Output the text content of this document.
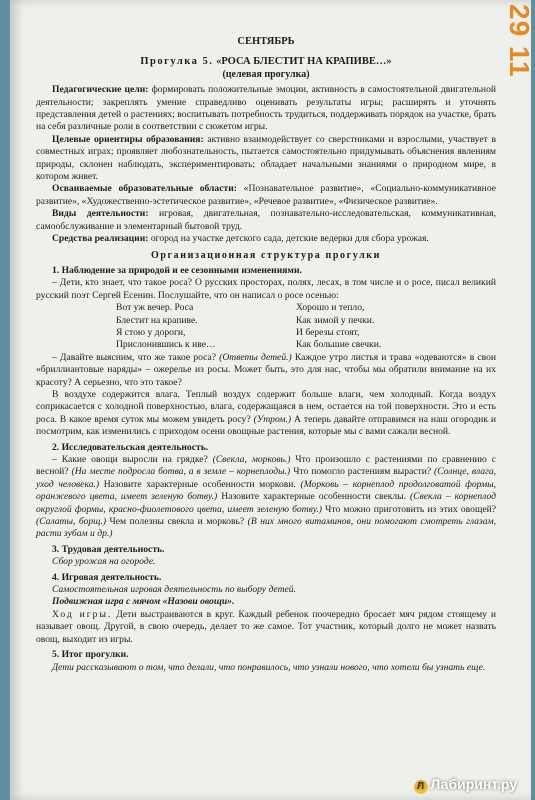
29 11
СЕНТЯБРЬ
Прогулка 5. «РОСА БЛЕСТИТ НА КРАПИВЕ…»
(целевая прогулка)

Педагогические цели: формировать положительные эмоции, активность в самостоятельной двигательной деятельности; закреплять умение справедливо оценивать результаты игры; расширять и уточнять представления детей о растениях; воспитывать потребность трудиться, поддерживать порядок на участке, брать на себя различные роли в соответствии с сюжетом игры.

Целевые ориентиры образования: активно взаимодействует со сверстниками и взрослыми, участвует в совместных играх; проявляет любознательность, пытается самостоятельно придумывать объяснения явлениям природы, склонен наблюдать, экспериментировать; обладает начальными знаниями о природном мире, в котором живет.

Осваиваемые образовательные области: «Познавательное развитие», «Социально-коммуникативное развитие», «Художественно-эстетическое развитие», «Речевое развитие», «Физическое развитие».

Виды деятельности: игровая, двигательная, познавательно-исследовательская, коммуникативная, самообслуживание и элементарный бытовой труд.

Средства реализации: огород на участке детского сада, детские ведерки для сбора урожая.

Организационная структура прогулки
1. Наблюдение за природой и ее сезонными изменениями.

– Дети, кто знает, что такое роса? О русских просторах, полях, лесах, в том числе и о росе, писал великий русский поэт Сергей Есенин. Послушайте, что он написал о росе осенью:

Вот уж вечер. Роса	Хорошо и тепло,
Блестит на крапиве.	Как зимой у печки.
Я стою у дороги,	И березы стоят,
Прислонившись к иве…	Как большие свечки.

– Давайте выясним, что же такое роса? (Ответы детей.) Каждое утро листья и трава «одеваются» в свои «бриллиантовые наряды» – ожерелье из росы. Может быть, это для нас, чтобы мы обратили внимание на их красоту? А серьезно, что это такое?

В воздухе содержится влага. Теплый воздух содержит больше влаги, чем холодный. Когда воздух соприкасается с холодной поверхностью, влага, содержащаяся в нем, остается на той поверхности. Это и есть роса. В какое время суток мы можем увидеть росу? (Утром.) А теперь давайте отправимся на наш огородик и посмотрим, как изменились с приходом осени овощные растения, которые мы с вами сажали весной.

2. Исследовательская деятельность.

– Какие овощи выросли на грядке? (Свекла, морковь.) Что произошло с растениями по сравнению с весной? (На месте подросла ботва, а в земле – корнеплоды.) Что помогло растениям вырасти? (Солнце, влага, уход человека.) Назовите характерные особенности моркови. (Морковь – корнеплод продолговатой формы, оранжевого цвета, имеет зеленую ботву.) Назовите характерные особенности свеклы. (Свекла – корнеплод округлой формы, красно-фиолетового цвета, имеет зеленую ботву.) Что можно приготовить из этих овощей? (Салаты, борщ.) Чем полезны свекла и морковь? (В них много витаминов, они помогают смотреть глазам, расти зубам и др.)

3. Трудовая деятельность.

Сбор урожая на огороде.

4. Игровая деятельность.

Самостоятельная игровая деятельность по выбору детей.

Подвижная игра с мячом «Назови овощи».

Ход игры. Дети выстраиваются в круг. Каждый ребенок поочередно бросает мяч рядом стоящему и называет овощ. Другой, в свою очередь, делает то же самое. Тот участник, который долго не может назвать овощ, выходит из игры.

5. Итог прогулки.

Дети рассказывают о том, что делали, что понравилось, что узнали нового, что хотели бы узнать еще.

Л Лабиринт.ру
